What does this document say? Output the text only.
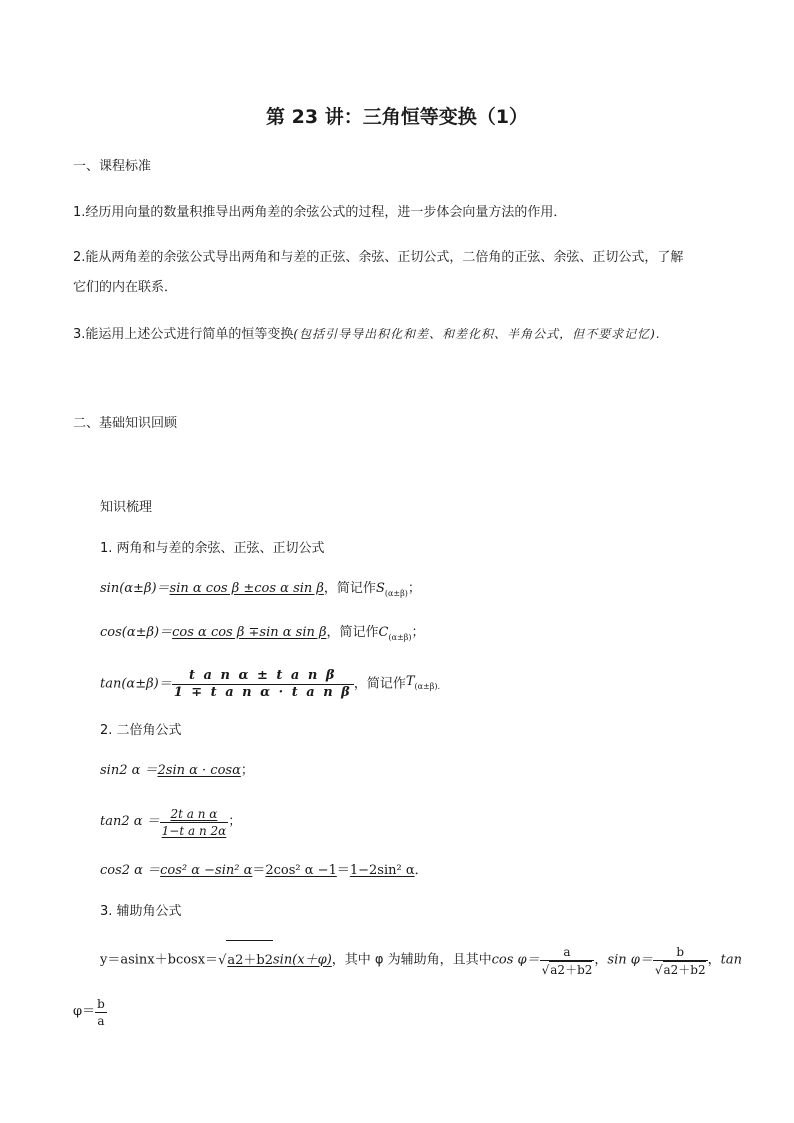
第 23 讲：三角恒等变换（1）
一、课程标准
1.经历用向量的数量积推导出两角差的余弦公式的过程，进一步体会向量方法的作用．
2.能从两角差的余弦公式导出两角和与差的正弦、余弦、正切公式，二倍角的正弦、余弦、正切公式，了解
它们的内在联系．
3.能运用上述公式进行简单的恒等变换(包括引导导出积化和差、和差化积、半角公式，但不要求记忆).
二、基础知识回顾
知识梳理
1. 两角和与差的余弦、正弦、正切公式
sin(α±β)＝sin α cos β ±cos α sin β，简记作$S_{(\alpha\pm\beta)}$；
cos(α±β)＝cos α cos β ∓sin α sin β，简记作$C_{(\alpha\pm\beta)}$；
$\tan(\alpha\pm\beta)= \frac{\text{t a n α ± t a n β}}{\text{1 ∓ t a n α · t a n β}}$ ，简记作$T_{(\alpha\pm\beta).}$
2. 二倍角公式
sin2 α ＝2sin α · cosα；
tan2 $\alpha = \frac{\text{2t a n α}}{\text{1−t a n 2α}}$ ；
cos2 α ＝cos² α −sin² α＝2cos² α −1＝1−2sin² α．
3. 辅助角公式
y＝asinx＋bcosx＝√a2＋b2sin(x＋φ)，其中 φ 为辅助角，且其中$\cos \varphi= \frac{a}{√a2+b2}$ ，$\sin \varphi= \frac{b}{√a2+b2}$ ，tan
$\varphi= \frac{b}{a}$
